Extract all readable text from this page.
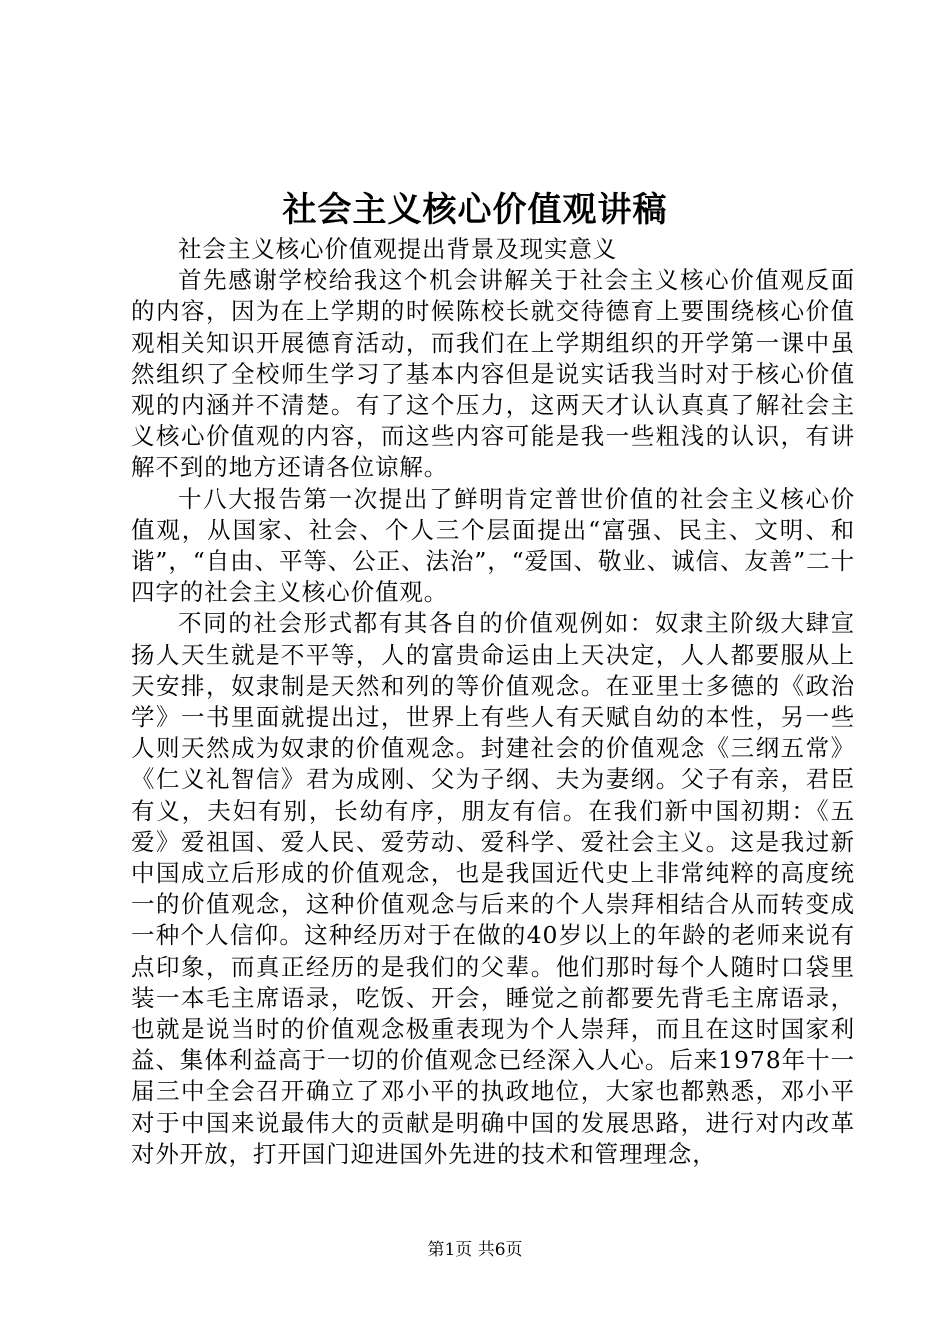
社会主义核心价值观讲稿

社会主义核心价值观提出背景及现实意义

首先感谢学校给我这个机会讲解关于社会主义核心价值观反面的内容，因为在上学期的时候陈校长就交待德育上要围绕核心价值观相关知识开展德育活动，而我们在上学期组织的开学第一课中虽然组织了全校师生学习了基本内容但是说实话我当时对于核心价值观的内涵并不清楚。有了这个压力，这两天才认认真真了解社会主义核心价值观的内容，而这些内容可能是我一些粗浅的认识，有讲解不到的地方还请各位谅解。

十八大报告第一次提出了鲜明肯定普世价值的社会主义核心价值观，从国家、社会、个人三个层面提出“富强、民主、文明、和谐”，“自由、平等、公正、法治”，“爱国、敬业、诚信、友善”二十四字的社会主义核心价值观。

不同的社会形式都有其各自的价值观例如：奴隶主阶级大肆宣扬人天生就是不平等，人的富贵命运由上天决定，人人都要服从上天安排，奴隶制是天然和列的等价值观念。在亚里士多德的《政治学》一书里面就提出过，世界上有些人有天赋自幼的本性，另一些人则天然成为奴隶的价值观念。封建社会的价值观念《三纲五常》《仁义礼智信》君为成刚、父为子纲、夫为妻纲。父子有亲，君臣有义，夫妇有别，长幼有序，朋友有信。在我们新中国初期：《五爱》爱祖国、爱人民、爱劳动、爱科学、爱社会主义。这是我过新中国成立后形成的价值观念，也是我国近代史上非常纯粹的高度统一的价值观念，这种价值观念与后来的个人崇拜相结合从而转变成一种个人信仰。这种经历对于在做的40岁以上的年龄的老师来说有点印象，而真正经历的是我们的父辈。他们那时每个人随时口袋里装一本毛主席语录，吃饭、开会，睡觉之前都要先背毛主席语录，也就是说当时的价值观念极重表现为个人崇拜，而且在这时国家利益、集体利益高于一切的价值观念已经深入人心。后来1978年十一届三中全会召开确立了邓小平的执政地位，大家也都熟悉，邓小平对于中国来说最伟大的贡献是明确中国的发展思路，进行对内改革对外开放，打开国门迎进国外先进的技术和管理理念，

第1页 共6页
